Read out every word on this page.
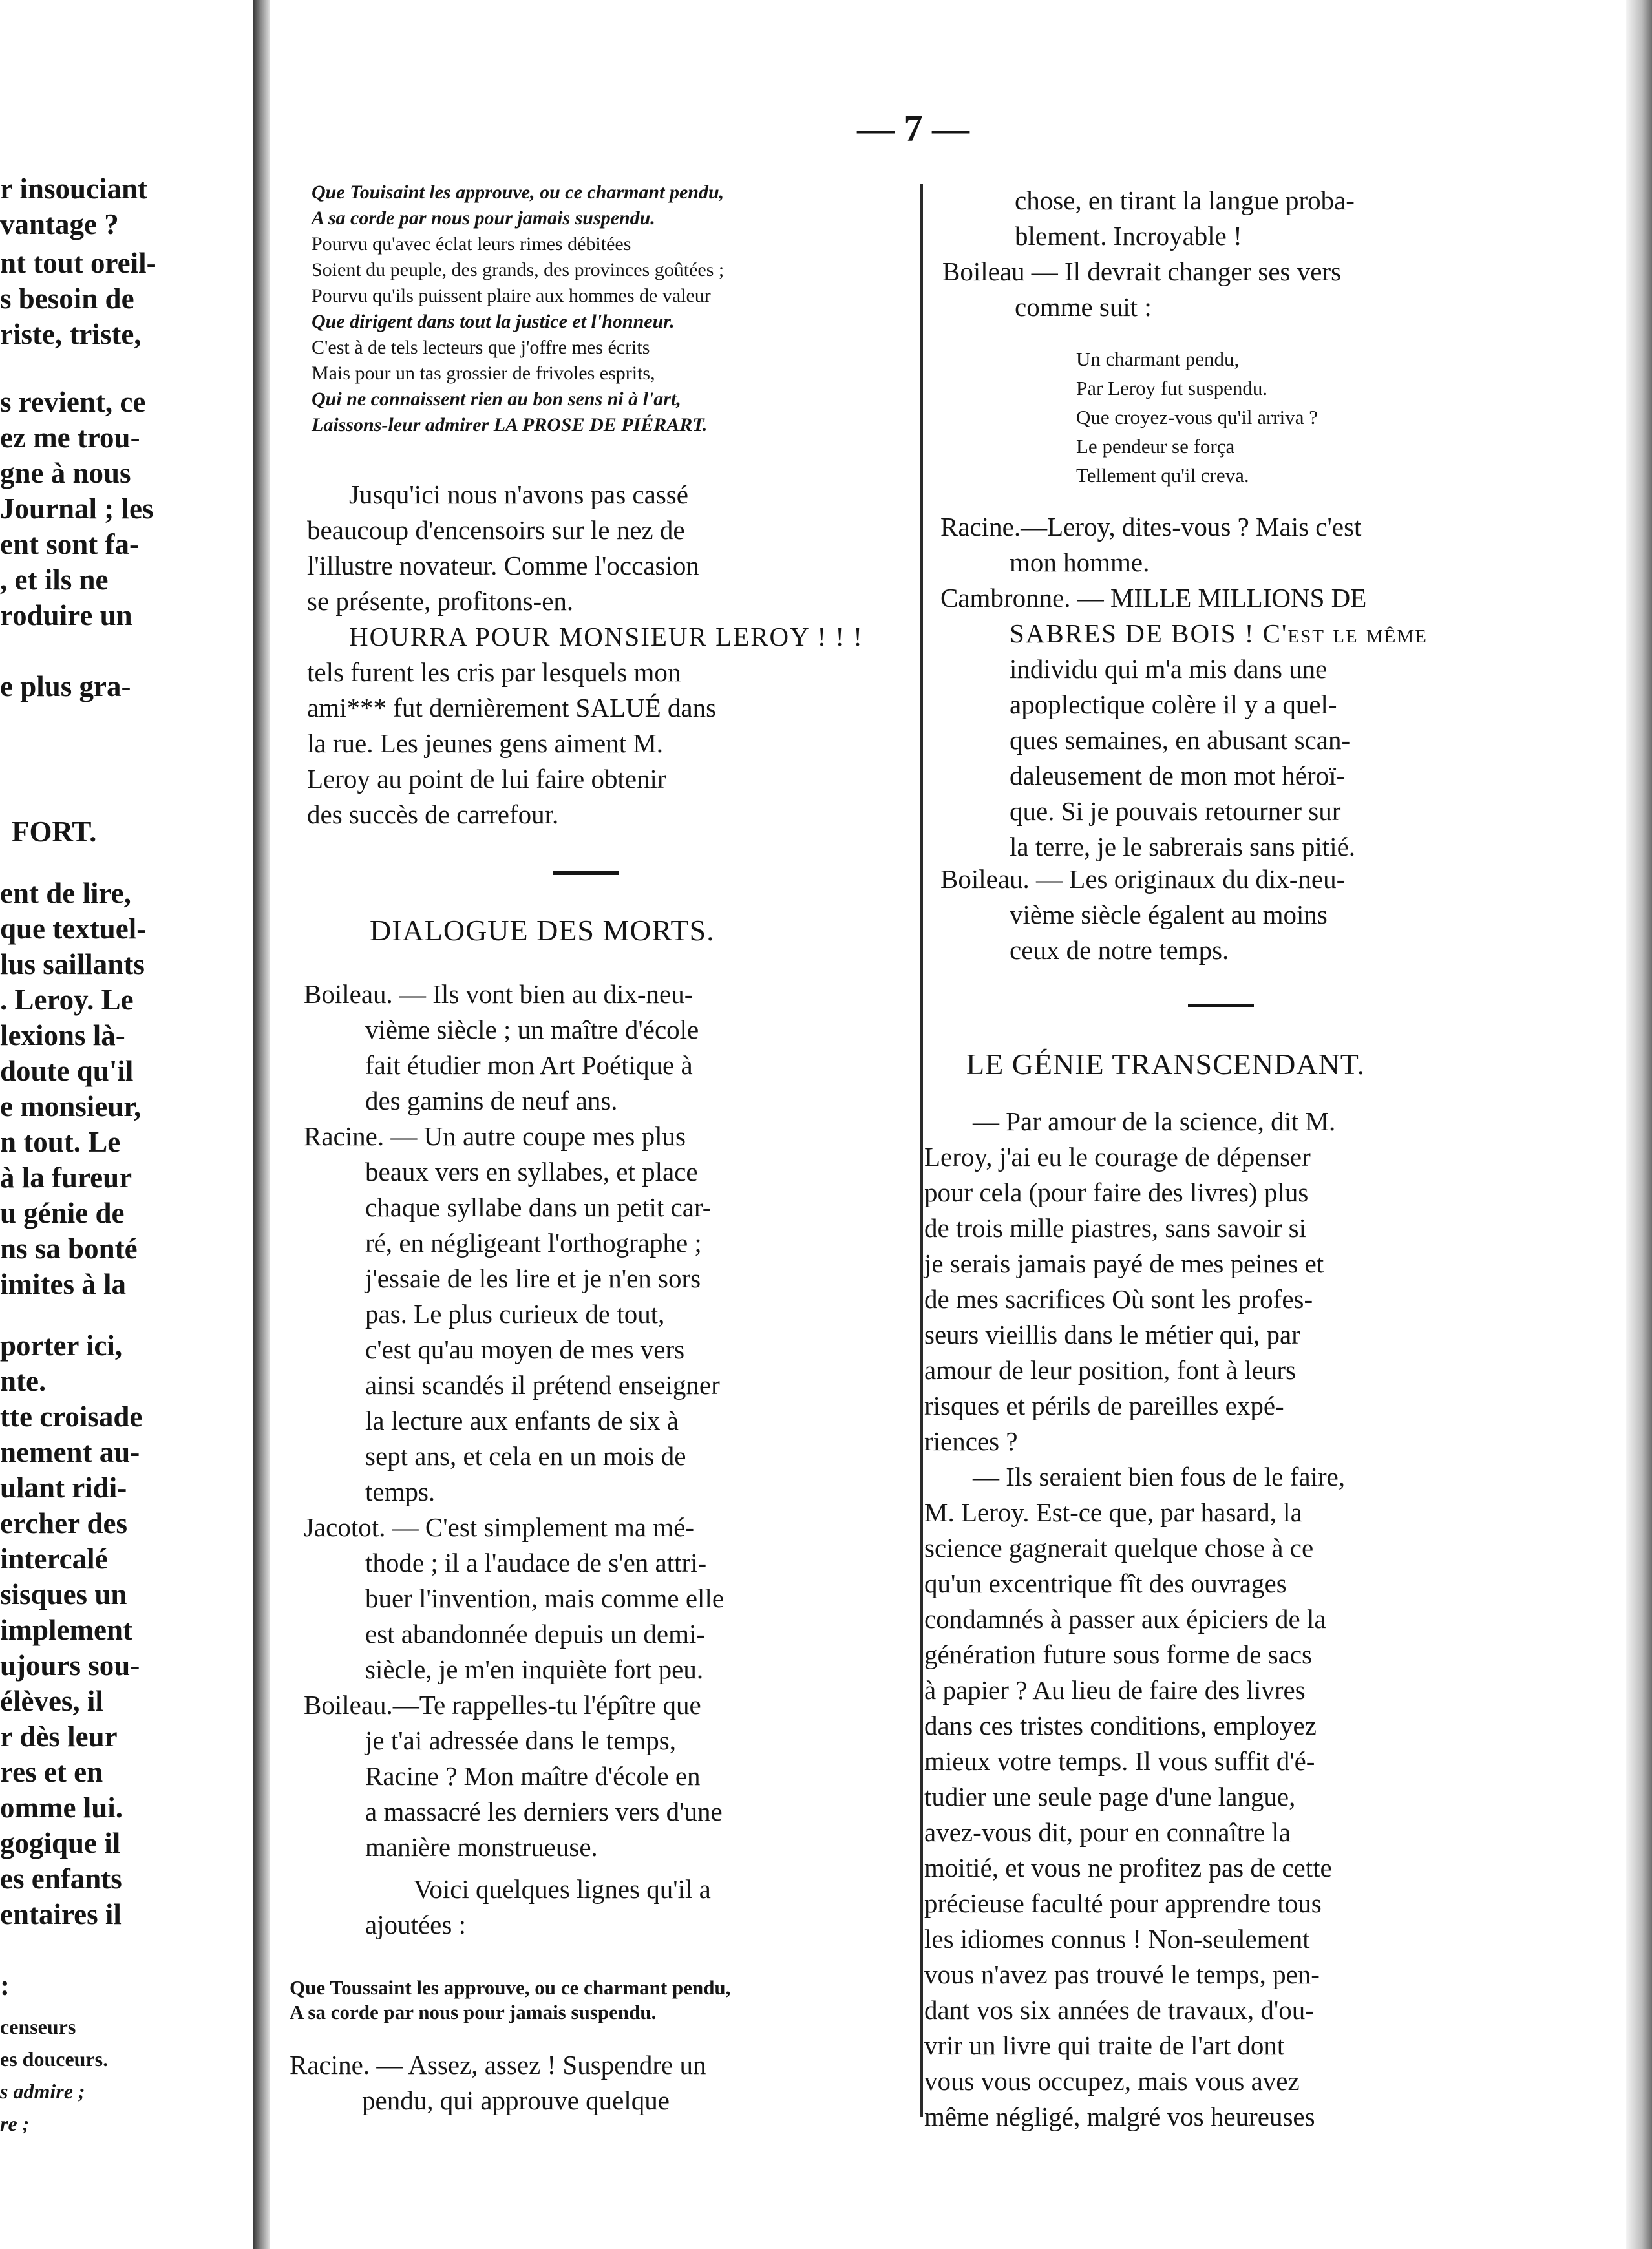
r insouciant
vantage ?
nt tout oreil-
s besoin de
riste, triste,
s revient, ce
ez me trou-
gne à nous
Journal ; les
ent sont fa-
, et ils ne
roduire un
e plus gra-
FORT.
ent de lire,
que textuel-
lus saillants
. Leroy. Le
lexions là-
doute qu'il
e monsieur,
n tout. Le
à la fureur
u génie de
ns sa bonté
imites à la
porter ici,
nte.
tte croisade
nement au-
ulant ridi-
ercher des
intercalé
sisques un
implement
ujours sou-
élèves, il
r dès leur
res et en
omme lui.
gogique il
es enfants
entaires il
:
censeurs
es douceurs.
s admire ;
re ;
— 7 —
Que Touisaint les approuve, ou ce charmant pendu,
A sa corde par nous pour jamais suspendu.
Pourvu qu'avec éclat leurs rimes débitées
Soient du peuple, des grands, des provinces goûtées ;
Pourvu qu'ils puissent plaire aux hommes de valeur
Que dirigent dans tout la justice et l'honneur.
C'est à de tels lecteurs que j'offre mes écrits
Mais pour un tas grossier de frivoles esprits,
Qui ne connaissent rien au bon sens ni à l'art,
Laissons-leur admirer LA PROSE DE PIÉRART.
Jusqu'ici nous n'avons pas cassé
beaucoup d'encensoirs sur le nez de
l'illustre novateur. Comme l'occasion
se présente, profitons-en.
HOURRA POUR MONSIEUR LEROY ! ! !
tels furent les cris par lesquels mon
ami*** fut dernièrement SALUÉ dans
la rue. Les jeunes gens aiment M.
Leroy au point de lui faire obtenir
des succès de carrefour.
DIALOGUE DES MORTS.
Boileau. — Ils vont bien au dix-neu-
vième siècle ; un maître d'école
fait étudier mon Art Poétique à
des gamins de neuf ans.
Racine. — Un autre coupe mes plus
beaux vers en syllabes, et place
chaque syllabe dans un petit car-
ré, en négligeant l'orthographe ;
j'essaie de les lire et je n'en sors
pas. Le plus curieux de tout,
c'est qu'au moyen de mes vers
ainsi scandés il prétend enseigner
la lecture aux enfants de six à
sept ans, et cela en un mois de
temps.
Jacotot. — C'est simplement ma mé-
thode ; il a l'audace de s'en attri-
buer l'invention, mais comme elle
est abandonnée depuis un demi-
siècle, je m'en inquiète fort peu.
Boileau.—Te rappelles-tu l'épître que
je t'ai adressée dans le temps,
Racine ? Mon maître d'école en
a massacré les derniers vers d'une
manière monstrueuse.
Voici quelques lignes qu'il a
ajoutées :
Que Toussaint les approuve, ou ce charmant pendu,
A sa corde par nous pour jamais suspendu.
Racine. — Assez, assez ! Suspendre un
pendu, qui approuve quelque
chose, en tirant la langue proba-
blement. Incroyable !
Boileau — Il devrait changer ses vers
comme suit :
Un charmant pendu,
Par Leroy fut suspendu.
Que croyez-vous qu'il arriva ?
Le pendeur se força
Tellement qu'il creva.
Racine.—Leroy, dites-vous ? Mais c'est
mon homme.
Cambronne. — MILLE MILLIONS DE
SABRES DE BOIS ! C'est le même
individu qui m'a mis dans une
apoplectique colère il y a quel-
ques semaines, en abusant scan-
daleusement de mon mot héroï-
que. Si je pouvais retourner sur
la terre, je le sabrerais sans pitié.
Boileau. — Les originaux du dix-neu-
vième siècle égalent au moins
ceux de notre temps.
LE GÉNIE TRANSCENDANT.
— Par amour de la science, dit M.
Leroy, j'ai eu le courage de dépenser
pour cela (pour faire des livres) plus
de trois mille piastres, sans savoir si
je serais jamais payé de mes peines et
de mes sacrifices Où sont les profes-
seurs vieillis dans le métier qui, par
amour de leur position, font à leurs
risques et périls de pareilles expé-
riences ?
— Ils seraient bien fous de le faire,
M. Leroy. Est-ce que, par hasard, la
science gagnerait quelque chose à ce
qu'un excentrique fît des ouvrages
condamnés à passer aux épiciers de la
génération future sous forme de sacs
à papier ? Au lieu de faire des livres
dans ces tristes conditions, employez
mieux votre temps. Il vous suffit d'é-
tudier une seule page d'une langue,
avez-vous dit, pour en connaître la
moitié, et vous ne profitez pas de cette
précieuse faculté pour apprendre tous
les idiomes connus ! Non-seulement
vous n'avez pas trouvé le temps, pen-
dant vos six années de travaux, d'ou-
vrir un livre qui traite de l'art dont
vous vous occupez, mais vous avez
même négligé, malgré vos heureuses
